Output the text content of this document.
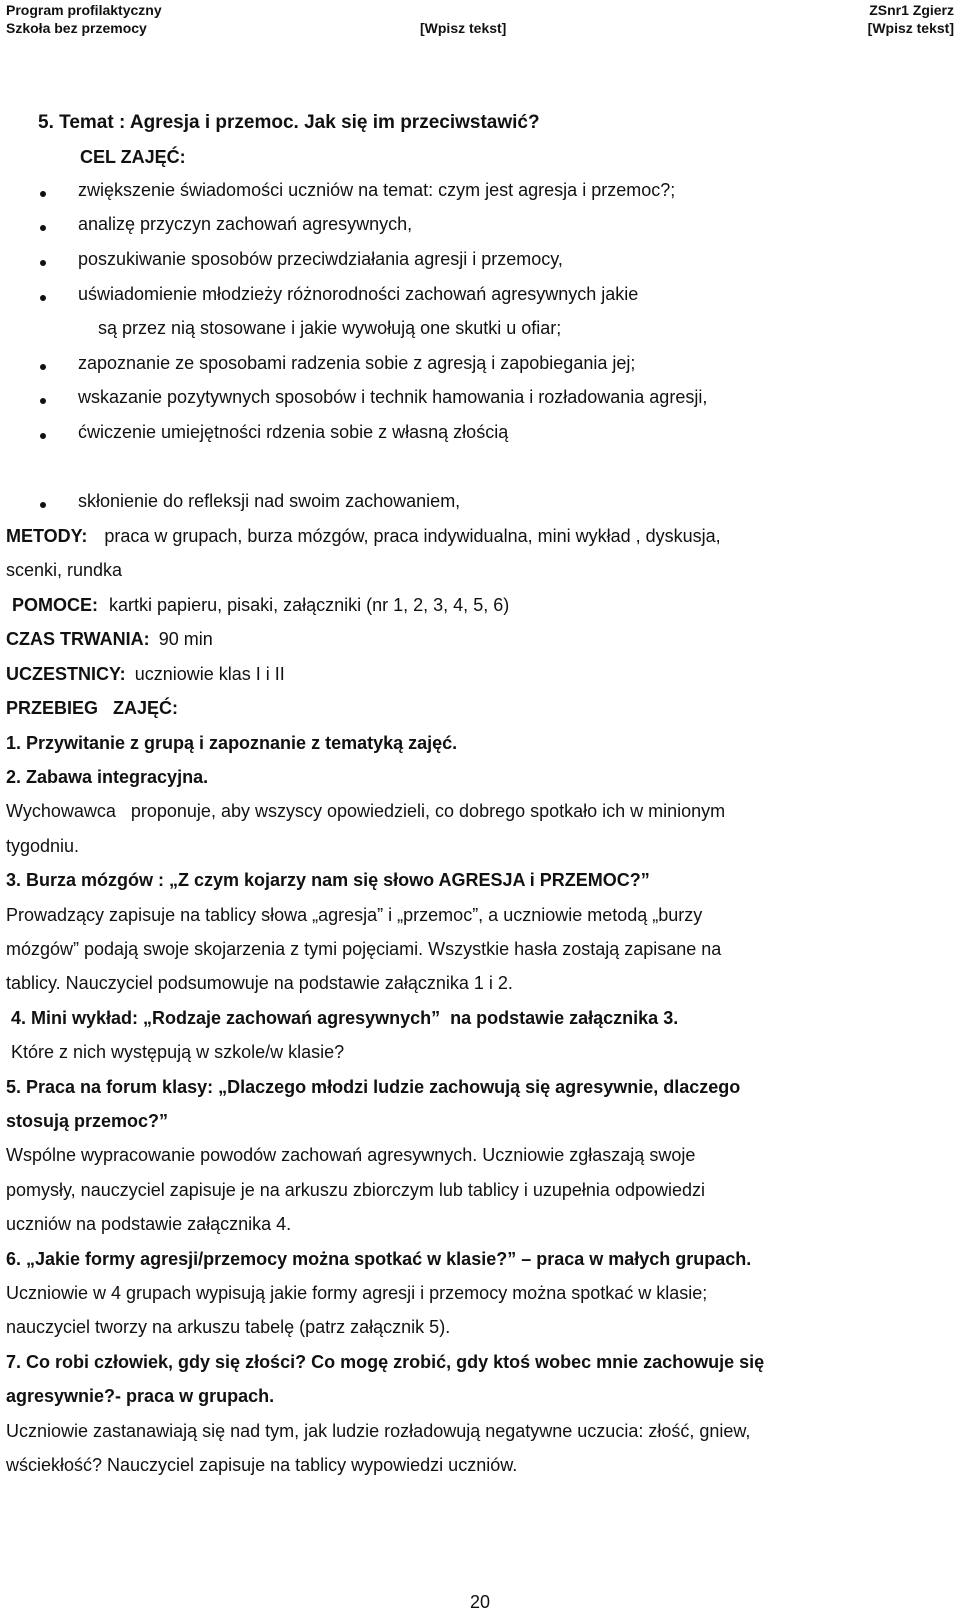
Program profilaktyczny
Szkoła bez przemocy	[Wpisz tekst]
ZSnr1 Zgierz
[Wpisz tekst]
5. Temat : Agresja i przemoc. Jak się im przeciwstawić?
CEL ZAJĘĆ:
zwiększenie świadomości uczniów na temat: czym jest agresja i przemoc?;
analizę przyczyn zachowań agresywnych,
poszukiwanie sposobów przeciwdziałania agresji i przemocy,
uświadomienie młodzieży różnorodności zachowań agresywnych jakie
są przez nią stosowane i jakie wywołują one skutki u ofiar;
zapoznanie ze sposobami radzenia sobie z agresją i zapobiegania jej;
wskazanie pozytywnych sposobów i technik hamowania i rozładowania agresji,
ćwiczenie umiejętności rdzenia sobie z własną złością
skłonienie do refleksji nad swoim zachowaniem,
METODY: praca w grupach, burza mózgów, praca indywidualna, mini wykład , dyskusja,
scenki, rundka
POMOCE: kartki papieru, pisaki, załączniki (nr 1, 2, 3, 4, 5, 6)
CZAS TRWANIA: 90 min
UCZESTNICY: uczniowie klas I i II
PRZEBIEG   ZAJĘĆ:
1. Przywitanie z grupą i zapoznanie z tematyką zajęć.
2. Zabawa integracyjna.
Wychowawca   proponuje, aby wszyscy opowiedzieli, co dobrego spotkało ich w minionym
tygodniu.
3. Burza mózgów : „Z czym kojarzy nam się słowo AGRESJA i PRZEMOC?”
Prowadzący zapisuje na tablicy słowa „agresja” i „przemoc”, a uczniowie metodą „burzy
mózgów” podają swoje skojarzenia z tymi pojęciami. Wszystkie hasła zostają zapisane na
tablicy. Nauczyciel podsumowuje na podstawie załącznika 1 i 2.
4. Mini wykład: „Rodzaje zachowań agresywnych”  na podstawie załącznika 3.
Które z nich występują w szkole/w klasie?
5. Praca na forum klasy: „Dlaczego młodzi ludzie zachowują się agresywnie, dlaczego
stosują przemoc?”
Wspólne wypracowanie powodów zachowań agresywnych. Uczniowie zgłaszają swoje
pomysły, nauczyciel zapisuje je na arkuszu zbiorczym lub tablicy i uzupełnia odpowiedzi
uczniów na podstawie załącznika 4.
6. „Jakie formy agresji/przemocy można spotkać w klasie?” – praca w małych grupach.
Uczniowie w 4 grupach wypisują jakie formy agresji i przemocy można spotkać w klasie;
nauczyciel tworzy na arkuszu tabelę (patrz załącznik 5).
7. Co robi człowiek, gdy się złości? Co mogę zrobić, gdy ktoś wobec mnie zachowuje się
agresywnie?- praca w grupach.
Uczniowie zastanawiają się nad tym, jak ludzie rozładowują negatywne uczucia: złość, gniew,
wściekłość? Nauczyciel zapisuje na tablicy wypowiedzi uczniów.
20
